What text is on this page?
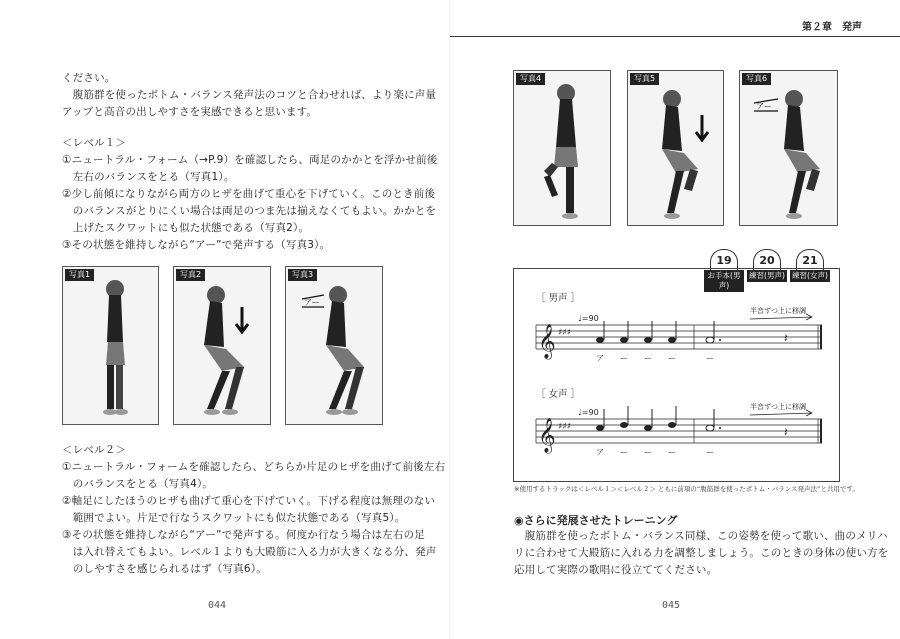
ください。
　腹筋群を使ったボトム・バランス発声法のコツと合わせれば、より楽に声量
アップと高音の出しやすさを実感できると思います。
＜レベル１＞
①ニュートラル・フォーム（→P.9）を確認したら、両足のかかとを浮かせ前後
　左右のバランスをとる（写真1）。
②少し前傾になりながら両方のヒザを曲げて重心を下げていく。このとき前後
　のバランスがとりにくい場合は両足のつま先は揃えなくてもよい。かかとを
　上げたスクワットにも似た状態である（写真2）。
③その状態を維持しながら“アー”で発声する（写真3）。
写真1	写真2
アー
写真3
＜レベル２＞
①ニュートラル・フォームを確認したら、どちらか片足のヒザを曲げて前後左右
　のバランスをとる（写真4）。
②軸足にしたほうのヒザも曲げて重心を下げていく。下げる程度は無理のない
　範囲でよい。片足で行なうスクワットにも似た状態である（写真5）。
③その状態を維持しながら“アー”で発声する。何度か行なう場合は左右の足
　は入れ替えてもよい。レベル１よりも大殿筋に入る力が大きくなる分、発声
　のしやすさを感じられるはず（写真6）。
044
第２章　発声
写真4	写真5
アー
写真6
19
お手本(男声)
20
練習(男声)
21
練習(女声)
［ 男声 ］
♩=90
半音ずつ上に移調
𝄞 ♯♯♯	𝄽
ア ー ー ー	ー
［ 女声 ］
♩=90
半音ずつ上に移調
𝄞 ♯♯♯	𝄽
ア ー ー ー	ー
※使用するトラックは＜レベル１＞＜レベル２＞ ともに前項の“腹筋群を使ったボトム・バランス発声法”と共用です。
◉さらに発展させたトレーニング
　腹筋群を使ったボトム・バランス同様、この姿勢を使って歌い、曲のメリハ
リに合わせて大殿筋に入れる力を調整しましょう。このときの身体の使い方を
応用して実際の歌唱に役立ててください。
045
